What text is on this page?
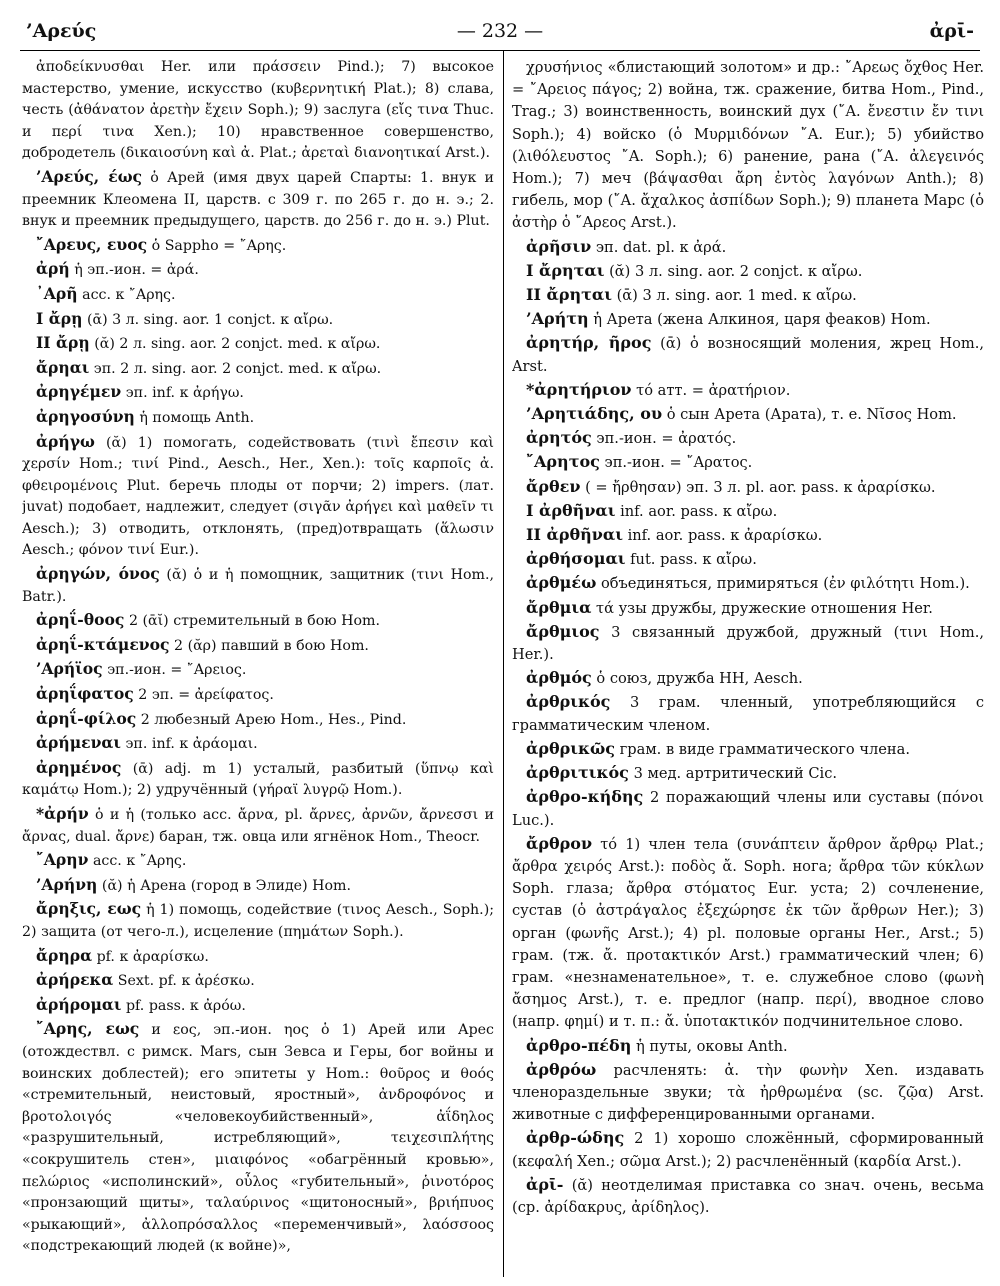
’Αρεύς	— 232 —	ἀρῑ-

ἀποδείκνυσθαι Her. или πράσσειν Pind.); 7) высокое мастерство, умение, искусство (κυβερνητική Plat.); 8) слава, честь (ἀθάνατον ἀρετὴν ἔχειν Soph.); 9) заслуга (εἴς τινα Thuc. и περί τινα Xen.); 10) нравственное совершенство, добродетель (δικαιοσύνη καὶ ἀ. Plat.; ἀρεταὶ διανοητικαί Arst.).

’Αρεύς, έως ὁ Арей (имя двух царей Спарты: 1. внук и преемник Клеомена II, царств. с 309 г. по 265 г. до н. э.; 2. внук и преемник предыдущего, царств. до 256 г. до н. э.) Plut.

῎Αρευς, ευος ὁ Sappho = ῎Αρης.

ἀρή ἡ эп.-ион. = ἀρά.

᾿Αρῆ acc. к ῎Αρης.

I ἄρῃ (ᾱ) 3 л. sing. aor. 1 conjct. к αἴρω.

II ἄρῃ (ᾰ) 2 л. sing. aor. 2 conjct. med. к αἴρω.

ἄρηαι эп. 2 л. sing. aor. 2 conjct. med. к αἴρω.

ἀρηγέμεν эп. inf. к ἀρήγω.

ἀρηγοσύνη ἡ помощь Anth.

ἀρήγω (ᾰ) 1) помогать, содействовать (τινὶ ἔπεσιν καὶ χερσίν Hom.; τινί Pind., Aesch., Her., Xen.): τοῖς καρποῖς ἀ. φθειρομένοις Plut. беречь плоды от порчи; 2) impers. (лат. juvat) подобает, надлежит, следует (σιγᾶν ἀρήγει καὶ μαθεῖν τι Aesch.); 3) отводить, отклонять, (пред)отвращать (ἅλωσιν Aesch.; φόνον τινί Eur.).

ἀρηγών, όνος (ᾰ) ὁ и ἡ помощник, защитник (τινι Hom., Batr.).

ἀρηΐ-θοος 2 (ᾱῐ) стремительный в бою Hom.

ἀρηΐ-κτάμενος 2 (ᾰρ) павший в бою Hom.

’Αρήϊος эп.-ион. = ῎Αρειος.

ἀρηΐφατος 2 эп. = ἀρείφατος.

ἀρηΐ-φίλος 2 любезный Арею Hom., Hes., Pind.

ἀρήμεναι эп. inf. к ἀράομαι.

ἀρημένος (ᾱ) adj. m 1) усталый, разбитый (ὕπνῳ καὶ καμάτῳ Hom.); 2) удручённый (γήραϊ λυγρῷ Hom.).

*ἀρήν ὁ и ἡ (только acc. ἄρνα, pl. ἄρνες, ἀρνῶν, ἄρνεσσι и ἄρνας, dual. ἄρνε) баран, тж. овца или ягнёнок Hom., Theocr.

῎Αρην acc. к ῎Αρης.

’Αρήνη (ᾰ) ἡ Арена (город в Элиде) Hom.

ἄρηξις, εως ἡ 1) помощь, содействие (τινος Aesch., Soph.); 2) защита (от чего-л.), исцеление (πημάτων Soph.).

ἄρηρα pf. к ἀραρίσκω.

ἀρήρεκα Sext. pf. к ἀρέσκω.

ἀρήρομαι pf. pass. к ἀρόω.

῎Αρης, εως и εος, эп.-ион. ηος ὁ 1) Арей или Арес (отождествл. с римск. Mars, сын Зевса и Геры, бог войны и воинских доблестей); его эпитеты у Hom.: θοῦρος и θοός «стремительный, неистовый, яростный», ἀνδροφόνος и βροτολοιγός «человекоубийственный», ἀΐδηλος «разрушительный, истребляющий», τειχεσιπλήτης «сокрушитель стен», μιαιφόνος «обагрённый кровью», πελώριος «исполинский», οὖλος «губительный», ῥινοτόρος «пронзающий щиты», ταλαύρινος «щитоносный», βριήπυος «рыкающий», ἀλλοπρόσαλλος «переменчивый», λαόσσοος «подстрекающий людей (к войне)»,

χρυσήνιος «блистающий золотом» и др.: ῎Αρεως ὄχθος Her. = ῎Αρειος πάγος; 2) война, тж. сражение, битва Hom., Pind., Trag.; 3) воинственность, воинский дух (῎Α. ἔνεστιν ἔν τινι Soph.); 4) войско (ὁ Μυρμιδόνων ῎Α. Eur.); 5) убийство (λιθόλευστος ῎Α. Soph.); 6) ранение, рана (῎Α. ἀλεγεινός Hom.); 7) меч (βάψασθαι ἄρη ἐντὸς λαγόνων Anth.); 8) гибель, мор (῎Α. ἄχαλκος ἀσπίδων Soph.); 9) планета Марс (ὁ ἀστὴρ ὁ ῎Αρεος Arst.).

ἀρῆσιν эп. dat. pl. к ἀρά.

I ἄρηται (ᾰ) 3 л. sing. aor. 2 conjct. к αἴρω.

II ἄρηται (ᾱ) 3 л. sing. aor. 1 med. к αἴρω.

’Αρήτη ἡ Арета (жена Алкиноя, царя феаков) Hom.

ἀρητήρ, ῆρος (ᾱ) ὁ возносящий моления, жрец Hom., Arst.

*ἀρητήριον τό атт. = ἀρατήριον.

’Αρητιάδης, ου ὁ сын Арета (Арата), т. е. Νῖσος Hom.

ἀρητός эп.-ион. = ἀρατός.

῎Αρητος эп.-ион. = ῎Αρατος.

ἄρθεν ( = ἤρθησαν) эп. 3 л. pl. aor. pass. к ἀραρίσκω.

I ἀρθῆναι inf. aor. pass. к αἴρω.

II ἀρθῆναι inf. aor. pass. к ἀραρίσκω.

ἀρθήσομαι fut. pass. к αἴρω.

ἀρθμέω объединяться, примиряться (ἐν φιλότητι Hom.).

ἄρθμια τά узы дружбы, дружеские отношения Her.

ἄρθμιος 3 связанный дружбой, дружный (τινι Hom., Her.).

ἀρθμός ὁ союз, дружба HH, Aesch.

ἀρθρικός 3 грам. членный, употребляющийся с грамматическим членом.

ἀρθρικῶς грам. в виде грамматического члена.

ἀρθριτικός 3 мед. артритический Cic.

ἀρθρο-κήδης 2 поражающий члены или суставы (πόνοι Luc.).

ἄρθρον τό 1) член тела (συνάπτειν ἄρθρον ἄρθρῳ Plat.; ἄρθρα χειρός Arst.): ποδὸς ἄ. Soph. нога; ἄρθρα τῶν κύκλων Soph. глаза; ἄρθρα στόματος Eur. уста; 2) сочленение, сустав (ὁ ἀστράγαλος ἐξεχώρησε ἐκ τῶν ἄρθρων Her.); 3) орган (φωνῆς Arst.); 4) pl. половые органы Her., Arst.; 5) грам. (тж. ἄ. προτακτικόν Arst.) грамматический член; 6) грам. «незнаменательное», т. е. служебное слово (φωνὴ ἄσημος Arst.), т. е. предлог (напр. περί), вводное слово (напр. φημί) и т. п.: ἄ. ὑποτακτικόν подчинительное слово.

ἀρθρο-πέδη ἡ путы, оковы Anth.

ἀρθρόω расчленять: ἀ. τὴν φωνὴν Xen. издавать членораздельные звуки; τὰ ἠρθρωμένα (sc. ζῷα) Arst. животные с дифференцированными органами.

ἀρθρ-ώδης 2 1) хорошо сложённый, сформированный (κεφαλή Xen.; σῶμα Arst.); 2) расчленённый (καρδία Arst.).

ἀρῑ- (ᾰ) неотделимая приставка со знач. очень, весьма (ср. ἀρίδακρυς, ἀρίδηλος).
